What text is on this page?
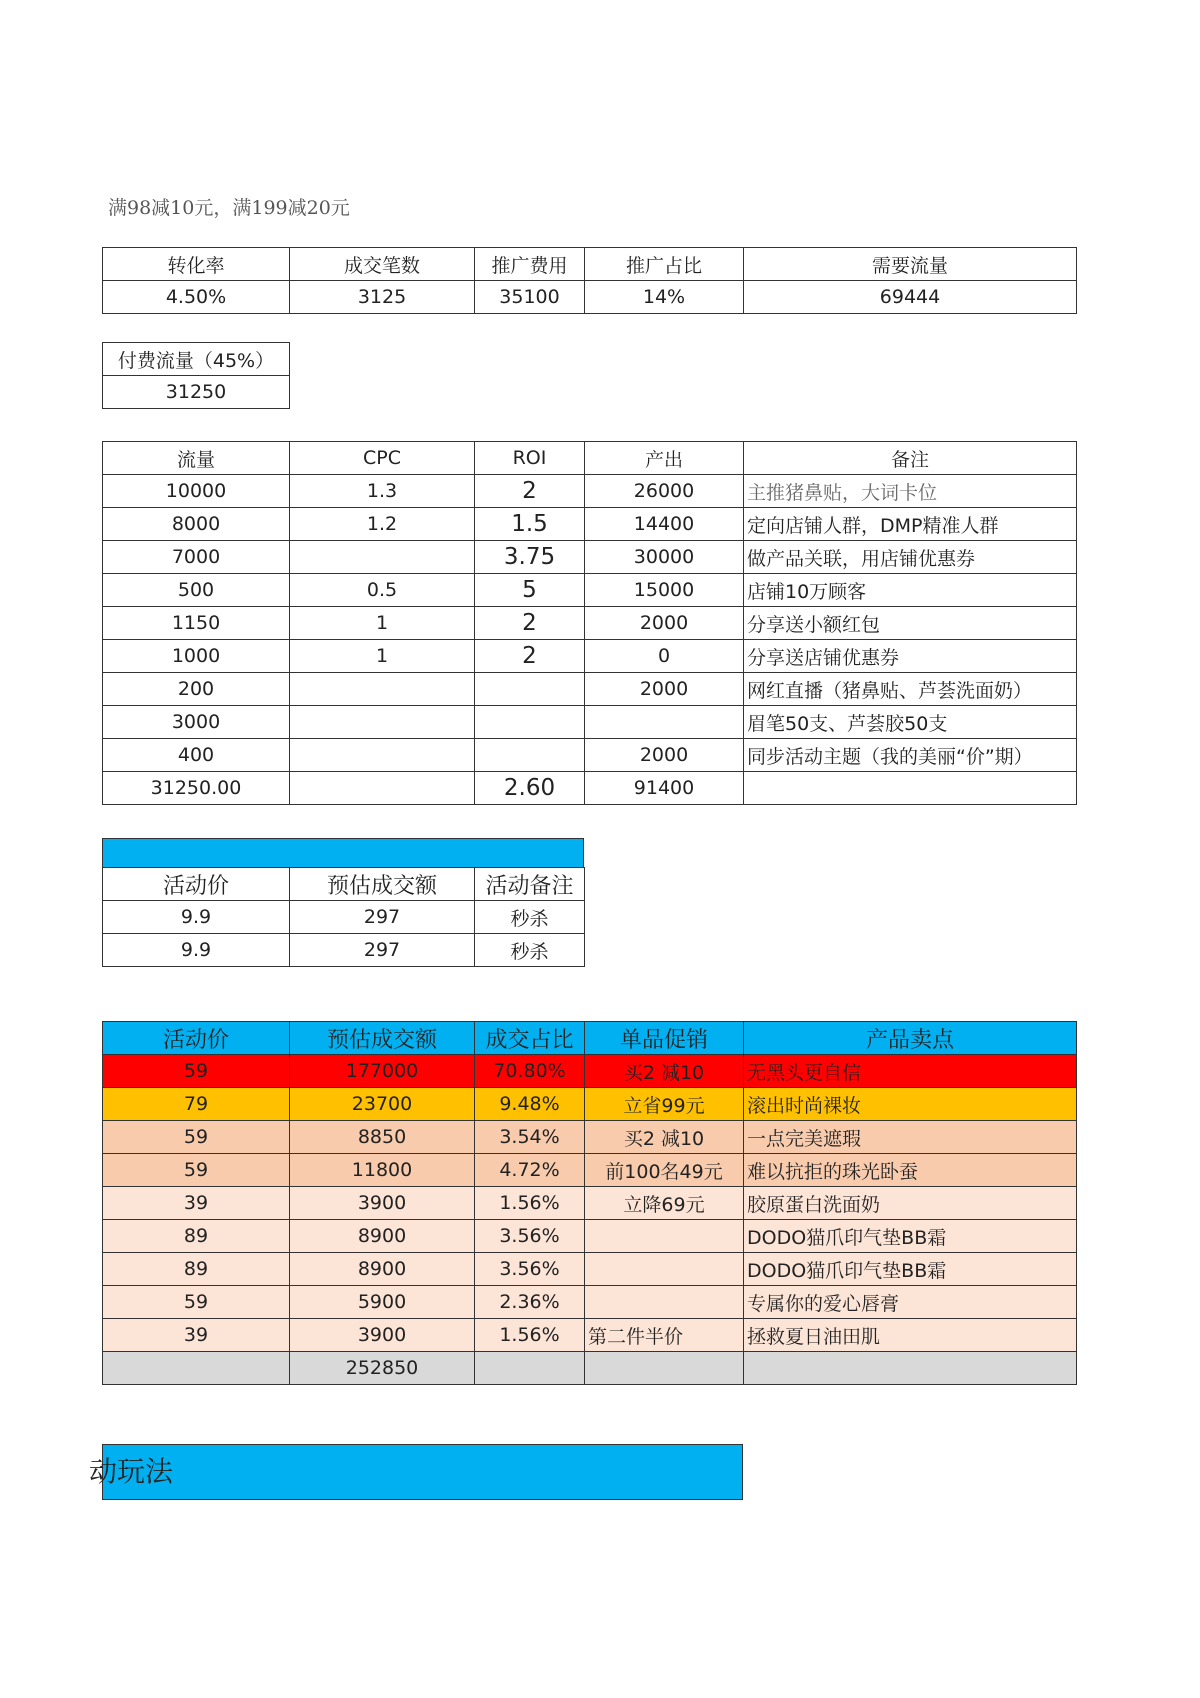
满98减10元，满199减20元
转化率	成交笔数	推广费用	推广占比	需要流量
4.50%	3125	35100	14%	69444
付费流量（45%）
31250
流量	CPC	ROI	产出	备注
10000	1.3	2	26000	主推猪鼻贴，大词卡位
8000	1.2	1.5	14400	定向店铺人群，DMP精准人群
7000		3.75	30000	做产品关联，用店铺优惠券
500	0.5	5	15000	店铺10万顾客
1150	1	2	2000	分享送小额红包
1000	1	2	0	分享送店铺优惠券
200			2000	网红直播（猪鼻贴、芦荟洗面奶）
3000				眉笔50支、芦荟胶50支
400			2000	同步活动主题（我的美丽“价”期）
31250.00		2.60	91400	
活动价	预估成交额	活动备注
9.9	297	秒杀
9.9	297	秒杀
活动价	预估成交额	成交占比	单品促销	产品卖点
59	177000	70.80%	买2 减10	无黑头更自信
79	23700	9.48%	立省99元	滚出时尚裸妆
59	8850	3.54%	买2 减10	一点完美遮瑕
59	11800	4.72%	前100名49元	难以抗拒的珠光卧蚕
39	3900	1.56%	立降69元	胶原蛋白洗面奶
89	8900	3.56%		DODO猫爪印气垫BB霜
89	8900	3.56%		DODO猫爪印气垫BB霜
59	5900	2.36%		专属你的爱心唇膏
39	3900	1.56%	第二件半价	拯救夏日油田肌
	252850			
动玩法
